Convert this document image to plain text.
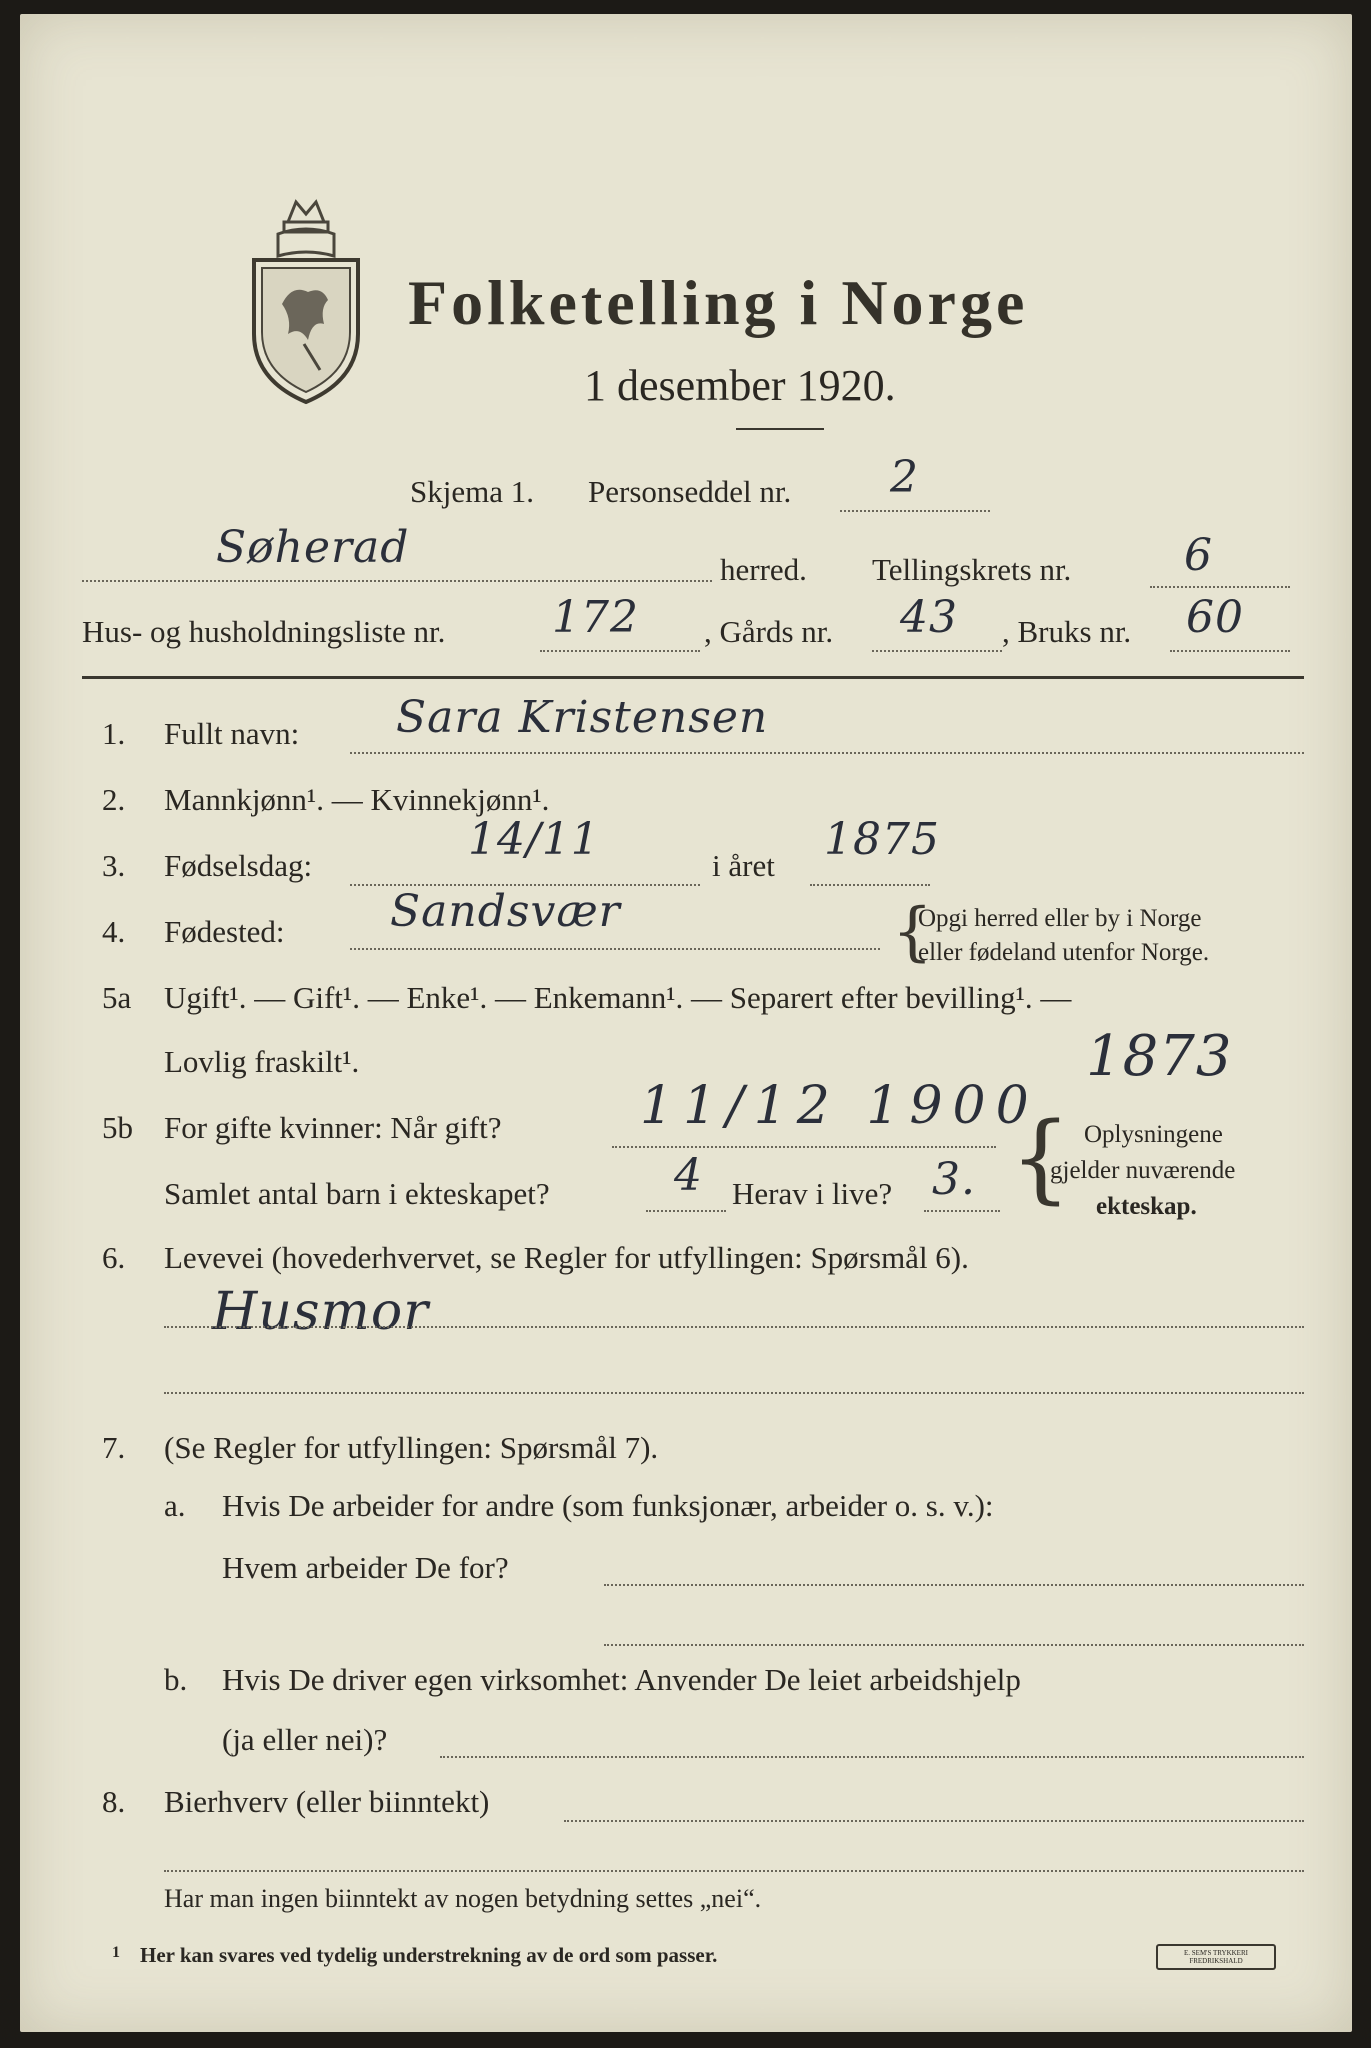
Folketelling i Norge
1 desember 1920.
Skjema 1. Personseddel nr. 2
Søherad	herred. Tellingskrets nr.	6
Hus- og husholdningsliste nr. 172 , Gårds nr. 43 , Bruks nr. 60
1. Fullt navn: Sara Kristensen
2. Mannkjønn¹. — Kvinnekjønn¹.
3. Fødselsdag:
14/11
i året
1875
4. Fødested: Sandsvær	{
Opgi herred eller by i Norge
eller fødeland utenfor Norge.
5a Ugift¹. — Gift¹. — Enke¹. — Enkemann¹. — Separert efter bevilling¹. —
Lovlig fraskilt¹.	1873
5b For gifte kvinner: Når gift?	11/12 1900
Samlet antal barn i ekteskapet?	4 Herav i live? 3. { Oplysningene
gjelder nuværende
ekteskap.
6. Levevei (hovederhvervet, se Regler for utfyllingen: Spørsmål 6).
Husmor
7. (Se Regler for utfyllingen: Spørsmål 7).
a. Hvis De arbeider for andre (som funksjonær, arbeider o. s. v.):
Hvem arbeider De for?
b. Hvis De driver egen virksomhet: Anvender De leiet arbeidshjelp
(ja eller nei)?
8. Bierhverv (eller biinntekt)
Har man ingen biinntekt av nogen betydning settes „nei“.
1 Her kan svares ved tydelig understrekning av de ord som passer.	E. SEM'S TRYKKERI FREDRIKSHALD
